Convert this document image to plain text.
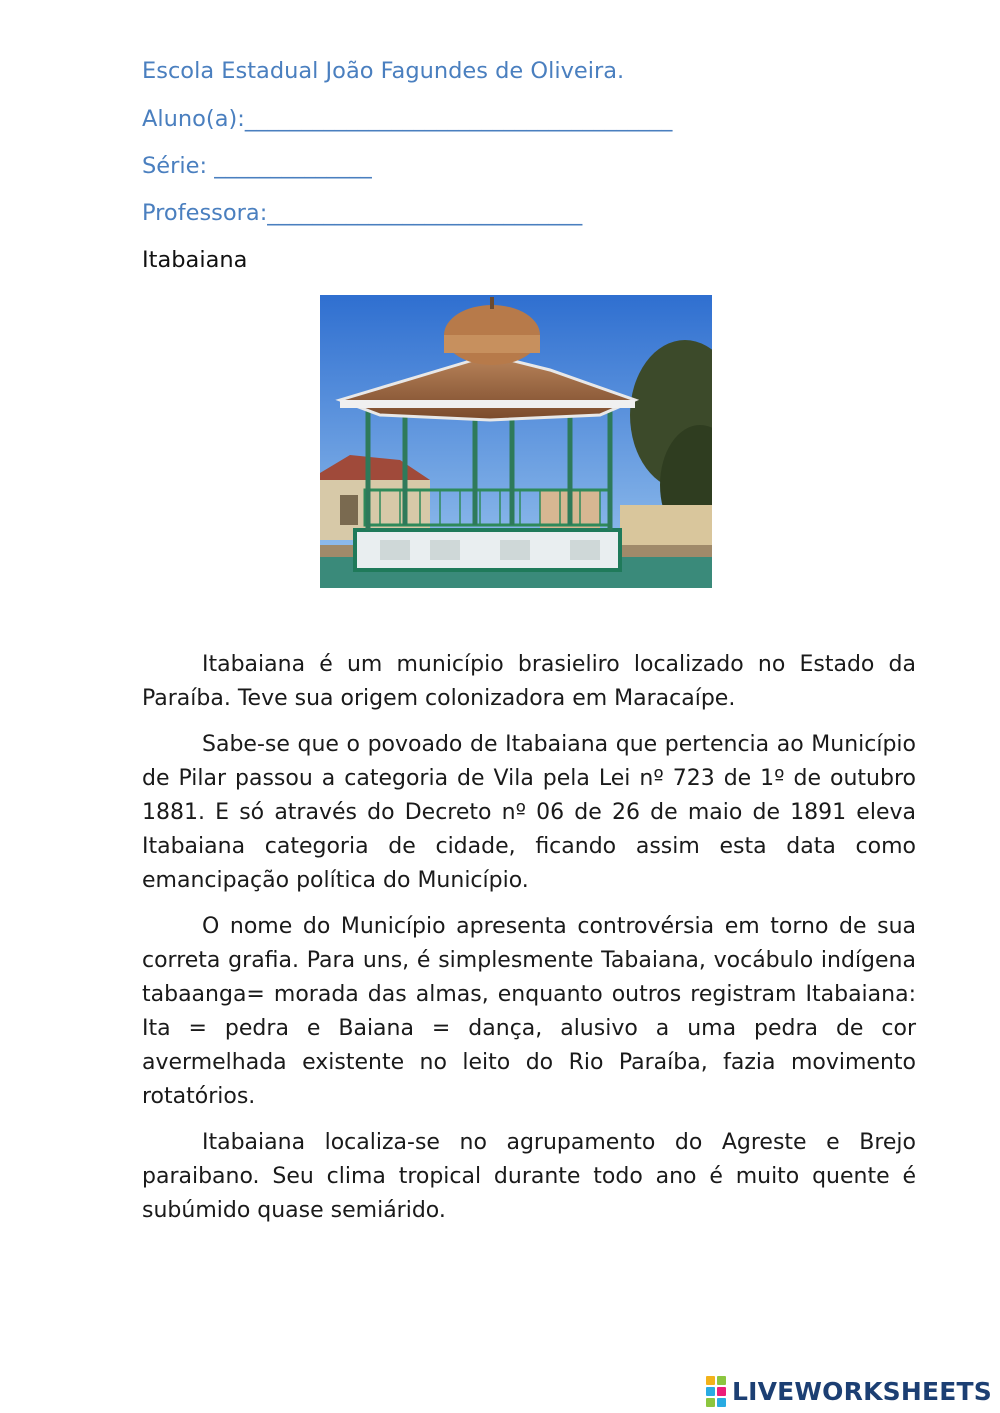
Escola Estadual João Fagundes de Oliveira.

Aluno(a):______________________________________

Série: ______________

Professora:____________________________

Itabaiana

Itabaiana é um município brasieliro localizado no Estado da Paraíba. Teve sua origem colonizadora em Maracaípe.

Sabe-se que o povoado de Itabaiana que pertencia ao Município de Pilar passou a categoria de Vila pela Lei nº 723 de 1º de outubro 1881. E só através do Decreto nº 06 de 26 de maio de 1891 eleva Itabaiana categoria de cidade, ficando assim esta data como emancipação política do Município.

O nome do Município apresenta controvérsia em torno de sua correta grafia. Para uns, é simplesmente Tabaiana, vocábulo indígena tabaanga= morada das almas, enquanto outros registram Itabaiana: Ita = pedra e Baiana = dança, alusivo a uma pedra de cor avermelhada existente no leito do Rio Paraíba, fazia movimento rotatórios.

Itabaiana localiza-se no agrupamento do Agreste e Brejo paraibano. Seu clima tropical durante todo ano é muito quente é subúmido quase semiárido.

LIVEWORKSHEETS
